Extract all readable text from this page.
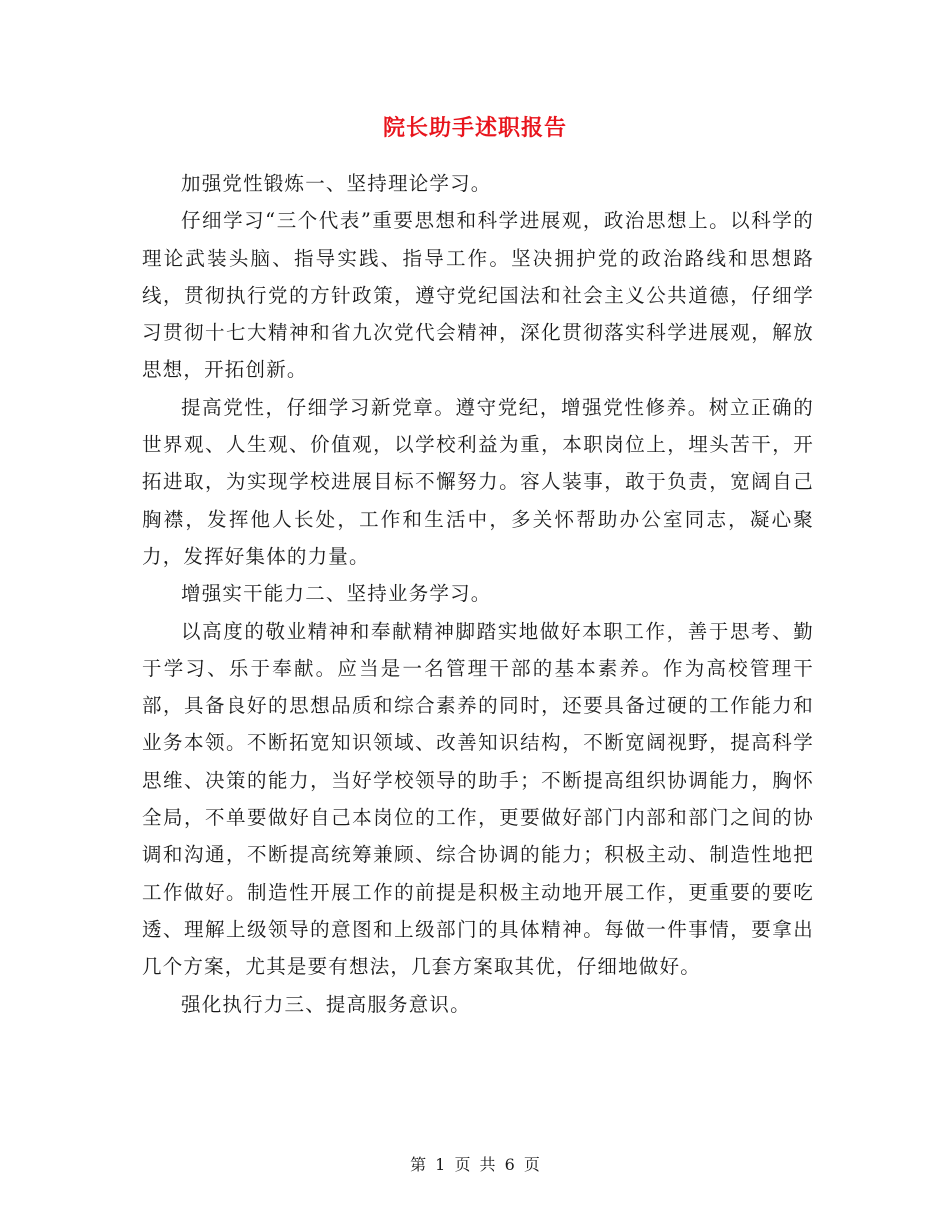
院长助手述职报告

加强党性锻炼一、坚持理论学习。

仔细学习“三个代表”重要思想和科学进展观，政治思想上。以科学的理论武装头脑、指导实践、指导工作。坚决拥护党的政治路线和思想路线，贯彻执行党的方针政策，遵守党纪国法和社会主义公共道德，仔细学习贯彻十七大精神和省九次党代会精神，深化贯彻落实科学进展观，解放思想，开拓创新。

提高党性，仔细学习新党章。遵守党纪，增强党性修养。树立正确的世界观、人生观、价值观，以学校利益为重，本职岗位上，埋头苦干，开拓进取，为实现学校进展目标不懈努力。容人装事，敢于负责，宽阔自己胸襟，发挥他人长处，工作和生活中，多关怀帮助办公室同志，凝心聚力，发挥好集体的力量。

增强实干能力二、坚持业务学习。

以高度的敬业精神和奉献精神脚踏实地做好本职工作，善于思考、勤于学习、乐于奉献。应当是一名管理干部的基本素养。作为高校管理干部，具备良好的思想品质和综合素养的同时，还要具备过硬的工作能力和业务本领。不断拓宽知识领域、改善知识结构，不断宽阔视野，提高科学思维、决策的能力，当好学校领导的助手；不断提高组织协调能力，胸怀全局，不单要做好自己本岗位的工作，更要做好部门内部和部门之间的协调和沟通，不断提高统筹兼顾、综合协调的能力；积极主动、制造性地把工作做好。制造性开展工作的前提是积极主动地开展工作，更重要的要吃透、理解上级领导的意图和上级部门的具体精神。每做一件事情，要拿出几个方案，尤其是要有想法，几套方案取其优，仔细地做好。

强化执行力三、提高服务意识。

第 1 页 共 6 页
